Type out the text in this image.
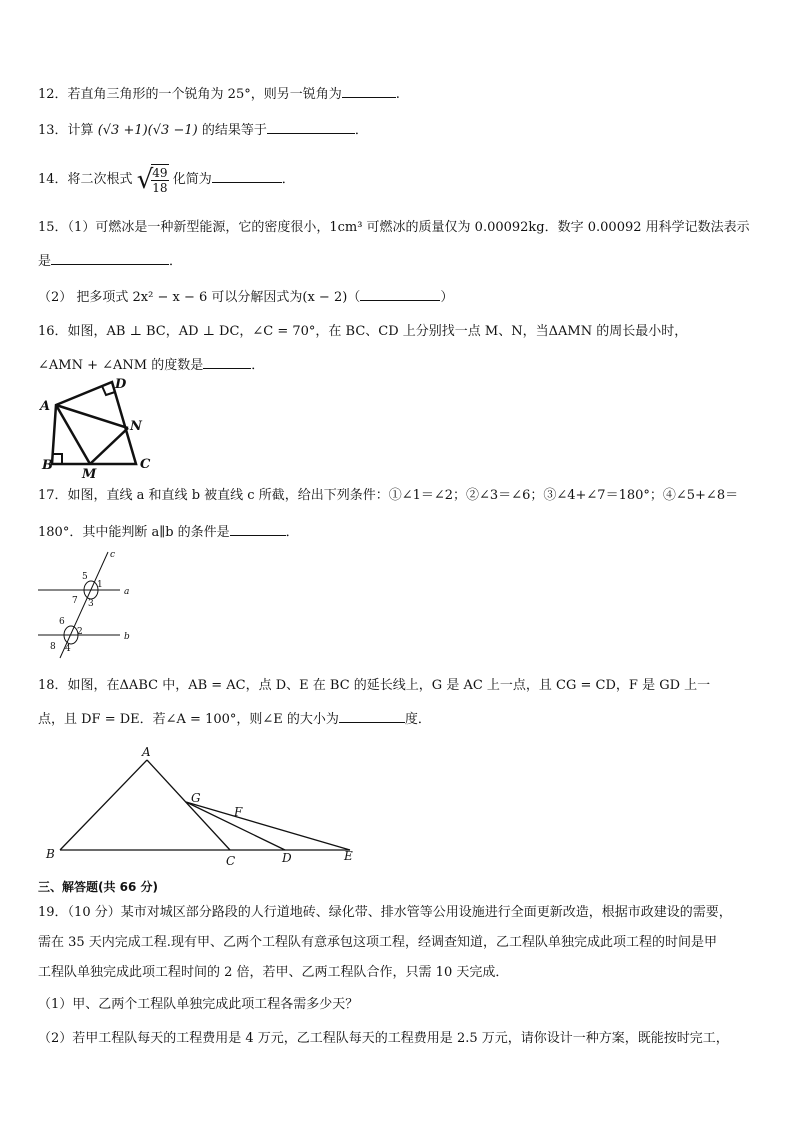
12．若直角三角形的一个锐角为 25°，则另一锐角为	.
13．计算 (√3 +1)(√3 −1) 的结果等于	．
14．将二次根式 √
$\frac{49}{18}$ 化简为	．
15．（1）可燃冰是一种新型能源，它的密度很小，1cm³ 可燃冰的质量仅为 0.00092kg．数字 0.00092 用科学记数法表示
是	．
（2） 把多项式 2x² − x − 6 可以分解因式为(x − 2)（	）
16．如图，AB ⊥ BC，AD ⊥ DC，∠C = 70°，在 BC、CD 上分别找一点 M、N，当ΔAMN 的周长最小时，
∠AMN + ∠ANM 的度数是	．
A
B	C
D
M
N
17．如图，直线 a 和直线 b 被直线 c 所截，给出下列条件：①∠1＝∠2；②∠3＝∠6；③∠4+∠7＝180°；④∠5+∠8＝
180°．其中能判断 a∥b 的条件是	．
a
b
c
1
2
3
4
5
6
7
8
18．如图，在ΔABC 中，AB = AC，点 D、E 在 BC 的延长线上，G 是 AC 上一点，且 CG = CD，F 是 GD 上一
点，且 DF = DE．若∠A = 100°，则∠E 的大小为	度．
A
B	C	D	E
F
G
三、解答题(共 66 分)
19．（10 分）某市对城区部分路段的人行道地砖、绿化带、排水管等公用设施进行全面更新改造，根据市政建设的需要，
需在 35 天内完成工程.现有甲、乙两个工程队有意承包这项工程，经调查知道，乙工程队单独完成此项工程的时间是甲
工程队单独完成此项工程时间的 2 倍，若甲、乙两工程队合作，只需 10 天完成．
（1）甲、乙两个工程队单独完成此项工程各需多少天？
（2）若甲工程队每天的工程费用是 4 万元，乙工程队每天的工程费用是 2.5 万元，请你设计一种方案，既能按时完工，
